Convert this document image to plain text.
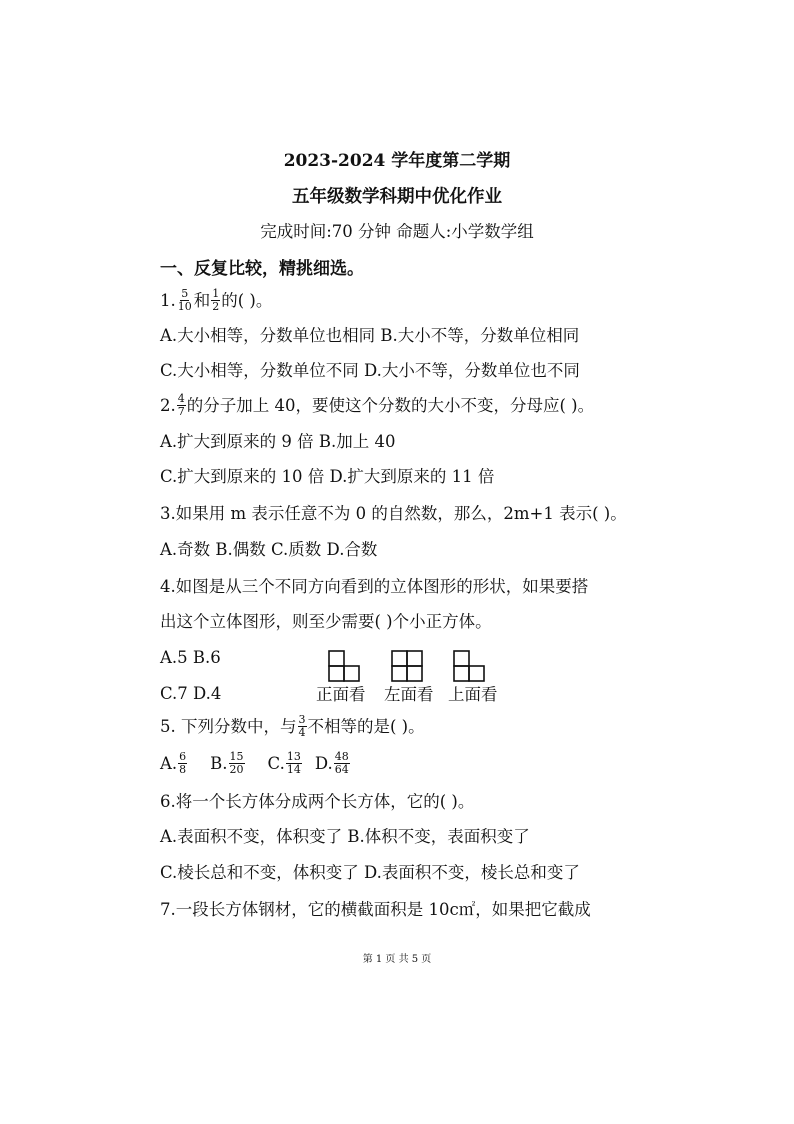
2023-2024 学年度第二学期
五年级数学科期中优化作业
完成时间:70 分钟 命题人:小学数学组
一、反复比较，精挑细选。
1. $\frac{5}{10}$ 和 $\frac{1}{2}$ 的( )。
A.大小相等，分数单位也相同 B.大小不等，分数单位相同
C.大小相等，分数单位不同 D.大小不等，分数单位也不同
2. $\frac{4}{7}$ 的分子加上 40，要使这个分数的大小不变，分母应( )。
A.扩大到原来的 9 倍 B.加上 40
C.扩大到原来的 10 倍 D.扩大到原来的 11 倍
3.如果用 m 表示任意不为 0 的自然数，那么，2m+1 表示( )。
A.奇数 B.偶数 C.质数 D.合数
4.如图是从三个不同方向看到的立体图形的形状，如果要搭
出这个立体图形，则至少需要( )个小正方体。
A.5 B.6
C.7 D.4	正面看 左面看 上面看
5. 下列分数中，与 $\frac{3}{4}$ 不相等的是( )。
A. $\frac{6}{8} B$. $\frac{15}{20} C$. $\frac{13}{14} D$. $\frac{48}{64}$
6.将一个长方体分成两个长方体，它的( )。
A.表面积不变，体积变了 B.体积不变，表面积变了
C.棱长总和不变，体积变了 D.表面积不变，棱长总和变了
7.一段长方体钢材，它的横截面积是 10c㎡，如果把它截成
第 1 页 共 5 页
